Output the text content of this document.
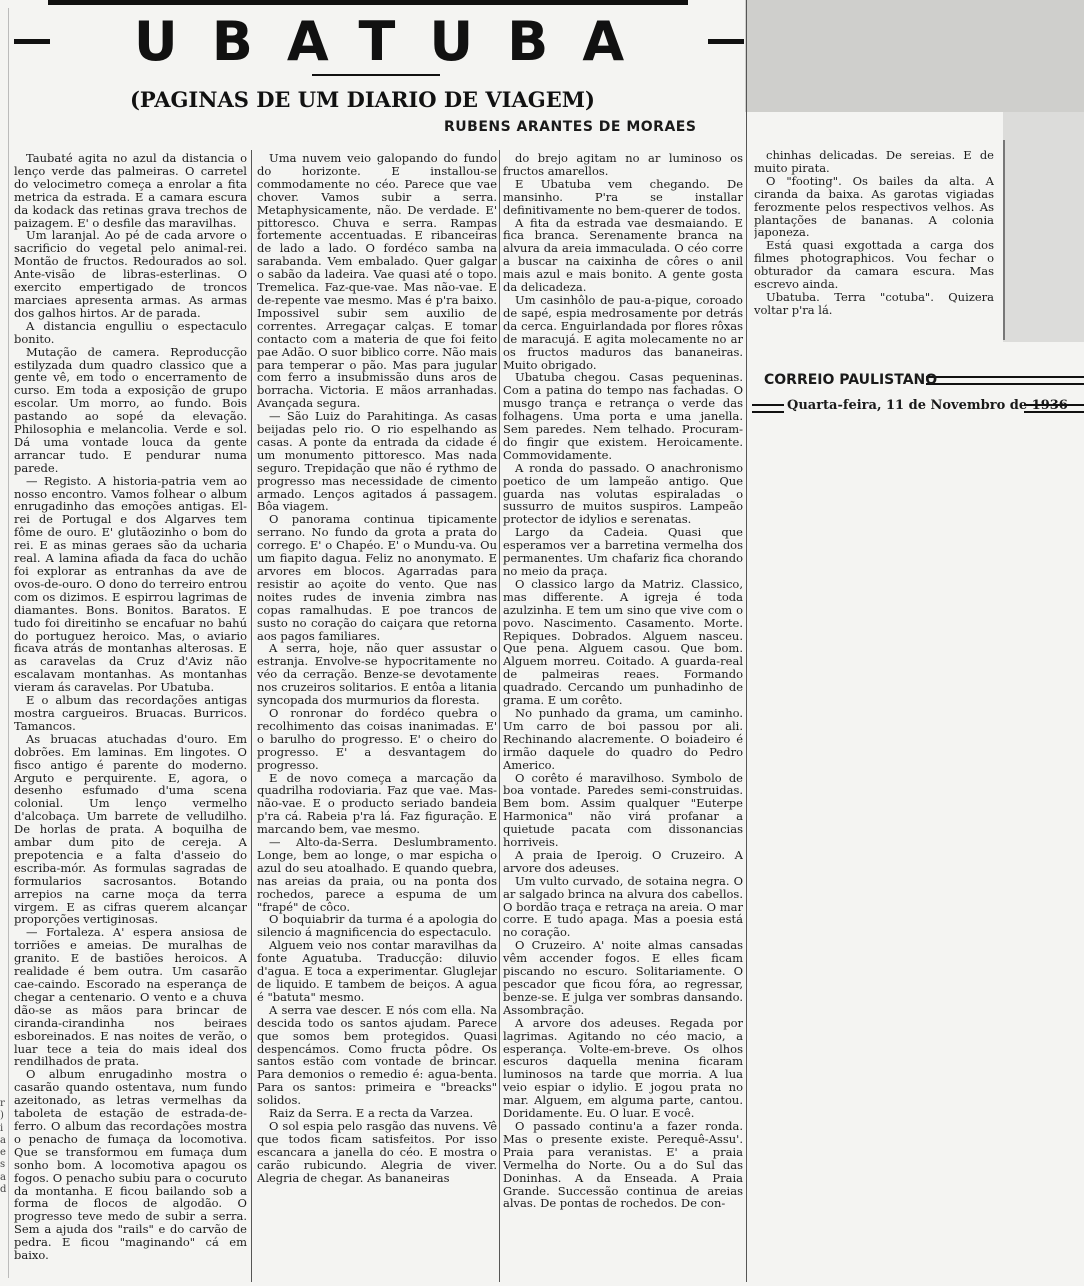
UBATUBA
(PAGINAS DE UM DIARIO DE VIAGEM)
RUBENS ARANTES DE MORAES

Taubaté agita no azul da distancia o lenço verde das palmeiras. O carretel do velocimetro começa a enrolar a fita metrica da estrada. E a camara escura da kodack das retinas grava trechos de paizagem. E' o desfile das maravilhas.

Um laranjal. Ao pé de cada arvore o sacrificio do vegetal pelo animal-rei. Montão de fructos. Redourados ao sol. Ante-visão de libras-esterlinas. O exercito empertigado de troncos marciaes apresenta armas. As armas dos galhos hirtos. Ar de parada.

A distancia engulliu o espectaculo bonito.

Mutação de camera. Reproducção estilyzada dum quadro classico que a gente vê, em todo o encerramento de curso. Em toda a exposição de grupo escolar. Um morro, ao fundo. Bois pastando ao sopé da elevação. Philosophia e melancolia. Verde e sol. Dá uma vontade louca da gente arrancar tudo. E pendurar numa parede.

— Registo. A historia-patria vem ao nosso encontro. Vamos folhear o album enrugadinho das emoções antigas. El-rei de Portugal e dos Algarves tem fôme de ouro. E' glutãozinho o bom do rei. E as minas geraes são da ucharia real. A lamina afiada da faca do uchão foi explorar as entranhas da ave de ovos-de-ouro. O dono do terreiro entrou com os dizimos. E espirrou lagrimas de diamantes. Bons. Bonitos. Baratos. E tudo foi direitinho se encafuar no bahú do portuguez heroico. Mas, o aviario ficava atrás de montanhas alterosas. E as caravelas da Cruz d'Aviz não escalavam montanhas. As montanhas vieram ás caravelas. Por Ubatuba.

E o album das recordações antigas mostra cargueiros. Bruacas. Burricos. Tamancos.

As bruacas atuchadas d'ouro. Em dobrões. Em laminas. Em lingotes. O fisco antigo é parente do moderno. Arguto e perquirente. E, agora, o desenho esfumado d'uma scena colonial. Um lenço vermelho d'alcobaça. Um barrete de velludilho. De horlas de prata. A boquilha de ambar dum pito de cereja. A prepotencia e a falta d'asseio do escriba-mór. As formulas sagradas de formularios sacrosantos. Botando arrepios na carne moça da terra virgem. E as cifras querem alcançar proporções vertiginosas.

— Fortaleza. A' espera ansiosa de torriões e ameias. De muralhas de granito. E de bastiões heroicos. A realidade é bem outra. Um casarão cae-caindo. Escorado na esperança de chegar a centenario. O vento e a chuva dão-se as mãos para brincar de ciranda-cirandinha nos beiraes esboreinados. E nas noites de verão, o luar tece a teia do mais ideal dos rendilhados de prata.

O album enrugadinho mostra o casarão quando ostentava, num fundo azeitonado, as letras vermelhas da taboleta de estação de estrada-de-ferro. O album das recordações mostra o penacho de fumaça da locomotiva. Que se transformou em fumaça dum sonho bom. A locomotiva apagou os fogos. O penacho subiu para o cocuruto da montanha. E ficou bailando sob a forma de flocos de algodão. O progresso teve medo de subir a serra. Sem a ajuda dos "rails" e do carvão de pedra. E ficou "maginando" cá em baixo.

Uma nuvem veio galopando do fundo do horizonte. E installou-se commodamente no céo. Parece que vae chover. Vamos subir a serra. Metaphysicamente, não. De verdade. E' pittoresco. Chuva e serra. Rampas fortemente accentuadas. E ribanceiras de lado a lado. O fordéco samba na sarabanda. Vem embalado. Quer galgar o sabão da ladeira. Vae quasi até o topo. Tremelica. Faz-que-vae. Mas não-vae. E de-repente vae mesmo. Mas é p'ra baixo. Impossivel subir sem auxilio de correntes. Arregaçar calças. E tomar contacto com a materia de que foi feito pae Adão. O suor biblico corre. Não mais para temperar o pão. Mas para jugular com ferro a insubmissão duns aros de borracha. Victoria. E mãos arranhadas. Avançada segura.

— São Luiz do Parahitinga. As casas beijadas pelo rio. O rio espelhando as casas. A ponte da entrada da cidade é um monumento pittoresco. Mas nada seguro. Trepidação que não é rythmo de progresso mas necessidade de cimento armado. Lenços agitados á passagem. Bôa viagem.

O panorama continua tipicamente serrano. No fundo da grota a prata do corrego. E' o Chapéo. E' o Mundu-va. Ou um fiapito dagua. Feliz no anonymato. E arvores em blocos. Agarradas para resistir ao açoite do vento. Que nas noites rudes de invenia zimbra nas copas ramalhudas. E poe trancos de susto no coração do caiçara que retorna aos pagos familiares.

A serra, hoje, não quer assustar o estranja. Envolve-se hypocritamente no véo da cerração. Benze-se devotamente nos cruzeiros solitarios. E entôa a litania syncopada dos murmurios da floresta.

O ronronar do fordéco quebra o recolhimento das coisas inanimadas. E' o barulho do progresso. E' o cheiro do progresso. E' a desvantagem do progresso.

E de novo começa a marcação da quadrilha rodoviaria. Faz que vae. Mas-não-vae. E o producto seriado bandeia p'ra cá. Rabeia p'ra lá. Faz figuração. E marcando bem, vae mesmo.

— Alto-da-Serra. Deslumbramento. Longe, bem ao longe, o mar espicha o azul do seu atoalhado. E quando quebra, nas areias da praia, ou na ponta dos rochedos, parece a espuma de um "frapé" de côco.

O boquiabrir da turma é a apologia do silencio á magnificencia do espectaculo.

Alguem veio nos contar maravilhas da fonte Aguatuba. Traducção: diluvio d'agua. E toca a experimentar. Gluglejar de liquido. E tambem de beiços. A agua é "batuta" mesmo.

A serra vae descer. E nós com ella. Na descida todo os santos ajudam. Parece que somos bem protegidos. Quasi despencámos. Como fructa pôdre. Os santos estão com vontade de brincar. Para demonios o remedio é: agua-benta. Para os santos: primeira e "breacks" solidos.

Raiz da Serra. E a recta da Varzea.

O sol espia pelo rasgão das nuvens. Vê que todos ficam satisfeitos. Por isso escancara a janella do céo. E mostra o carão rubicundo. Alegria de viver. Alegria de chegar. As bananeiras

do brejo agitam no ar luminoso os fructos amarellos.

E Ubatuba vem chegando. De mansinho. P'ra se installar definitivamente no bem-querer de todos.

A fita da estrada vae desmaiando. E fica branca. Serenamente branca na alvura da areia immaculada. O céo corre a buscar na caixinha de côres o anil mais azul e mais bonito. A gente gosta da delicadeza.

Um casinhôlo de pau-a-pique, coroado de sapé, espia medrosamente por detrás da cerca. Enguirlandada por flores rôxas de maracujá. E agita molecamente no ar os fructos maduros das bananeiras. Muito obrigado.

Ubatuba chegou. Casas pequeninas. Com a patina do tempo nas fachadas. O musgo trança e retrança o verde das folhagens. Uma porta e uma janella. Sem paredes. Nem telhado. Procuram-do fingir que existem. Heroicamente. Commovidamente.

A ronda do passado. O anachronismo poetico de um lampeão antigo. Que guarda nas volutas espiraladas o sussurro de muitos suspiros. Lampeão protector de idylios e serenatas.

Largo da Cadeia. Quasi que esperamos ver a barretina vermelha dos permanentes. Um chafariz fica chorando no meio da praça.

O classico largo da Matriz. Classico, mas differente. A igreja é toda azulzinha. E tem um sino que vive com o povo. Nascimento. Casamento. Morte. Repiques. Dobrados. Alguem nasceu. Que pena. Alguem casou. Que bom. Alguem morreu. Coitado. A guarda-real de palmeiras reaes. Formando quadrado. Cercando um punhadinho de grama. E um corêto.

No punhado da grama, um caminho. Um carro de boi passou por ali. Rechinando alacremente. O boiadeiro é irmão daquele do quadro do Pedro Americo.

O corêto é maravilhoso. Symbolo de boa vontade. Paredes semi-construidas. Bem bom. Assim qualquer "Euterpe Harmonica" não virá profanar a quietude pacata com dissonancias horriveis.

A praia de Iperoig. O Cruzeiro. A arvore dos adeuses.

Um vulto curvado, de sotaina negra. O ar salgado brinca na alvura dos cabellos. O bordão traça e retraça na areia. O mar corre. E tudo apaga. Mas a poesia está no coração.

O Cruzeiro. A' noite almas cansadas vêm accender fogos. E elles ficam piscando no escuro. Solitariamente. O pescador que ficou fóra, ao regressar, benze-se. E julga ver sombras dansando. Assombração.

A arvore dos adeuses. Regada por lagrimas. Agitando no céo macio, a esperança. Volte-em-breve. Os olhos escuros daquella menina ficaram luminosos na tarde que morria. A lua veio espiar o idylio. E jogou prata no mar. Alguem, em alguma parte, cantou. Doridamente. Eu. O luar. E você.

O passado continu'a a fazer ronda. Mas o presente existe. Perequê-Assu'. Praia para veranistas. E' a praia Vermelha do Norte. Ou a do Sul das Doninhas. A da Enseada. A Praia Grande. Successão continua de areias alvas. De pontas de rochedos. De con-

chinhas delicadas. De sereias. E de muito pirata.

O "footing". Os bailes da alta. A ciranda da baixa. As garotas vigiadas ferozmente pelos respectivos velhos. As plantações de bananas. A colonia japoneza.

Está quasi exgottada a carga dos filmes photographicos. Vou fechar o obturador da camara escura. Mas escrevo ainda.

Ubatuba. Terra "cotuba". Quizera voltar p'ra lá.

CORREIO PAULISTANO
Quarta-feira, 11 de Novembro de 1936
r ) i a e s a d
